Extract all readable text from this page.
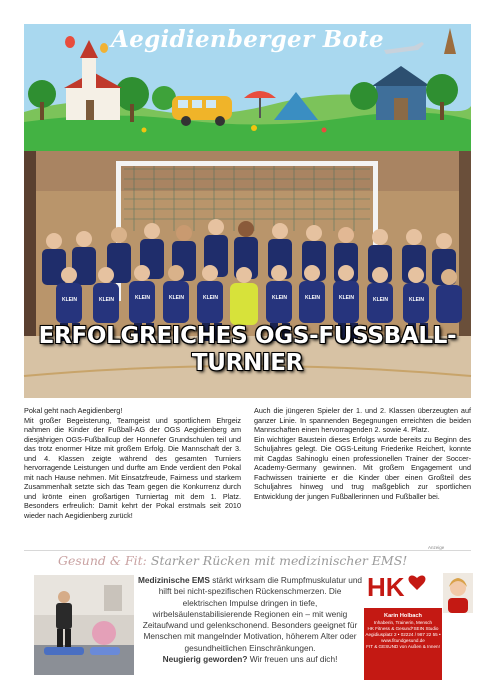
Aegidienberger Bote
KLEIN	KLEIN	KLEIN	KLEIN	KLEIN	KLEIN	KLEIN	KLEIN	KLEIN	KLEIN
ERFOLGREICHES OGS-FUSSBALL-
TURNIER

Pokal geht nach Aegidienberg!

Mit großer Begeisterung, Teamgeist und sportlichem Ehrgeiz nahmen die Kinder der Fußball-AG der OGS Aegidienberg am diesjährigen OGS-Fußballcup der Honnefer Grundschulen teil und das trotz enormer Hitze mit großem Erfolg. Die Mannschaft der 3. und 4. Klassen zeigte während des gesamten Turniers hervorragende Leistungen und durfte am Ende verdient den Pokal mit nach Hause nehmen. Mit Einsatzfreude, Fairness und starkem Zusammenhalt setzte sich das Team gegen die Konkurrenz durch und krönte einen großartigen Turniertag mit dem 1. Platz. Besonders erfreulich: Damit kehrt der Pokal erstmals seit 2010 wieder nach Aegidienberg zurück!

Auch die jüngeren Spieler der 1. und 2. Klassen überzeugten auf ganzer Linie. In spannenden Begegnungen erreichten die beiden Mannschaften einen hervorragenden 2. sowie 4. Platz.

Ein wichtiger Baustein dieses Erfolgs wurde bereits zu Beginn des Schuljahres gelegt. Die OGS-Leitung Friederike Reichert, konnte mit Cagdas Sahinoglu einen professionellen Trainer der Soccer-Academy-Germany gewinnen. Mit großem Engagement und Fachwissen trainierte er die Kinder über einen Großteil des Schuljahres hinweg und trug maßgeblich zur sportlichen Entwicklung der jungen Fußballerinnen und Fußballer bei.

Anzeige
Gesund & Fit: Starker Rücken mit medizinischer EMS!
Medizinische EMS stärkt wirksam die Rumpfmuskulatur und hilft bei nicht-spezifischen Rückenschmerzen. Die elektrischen Impulse dringen in tiefe, wirbelsäulenstabilisierende Regionen ein – mit wenig Zeitaufwand und gelenkschonend. Besonders geeignet für Menschen mit mangelnder Motivation, höherem Alter oder gesundheitlichen Einschränkungen.
Neugierig geworden? Wir freuen uns auf dich!
HK
Karin Holbach
Inhaberin, Trainerin, Mensch
HK Fitness & Gesund*SEIN Studio
Aegidiusplatz 2 • 02224 / 987 22 55 •
www.fitundgesund.de
FIT & GESUND von Außen & Innen!
